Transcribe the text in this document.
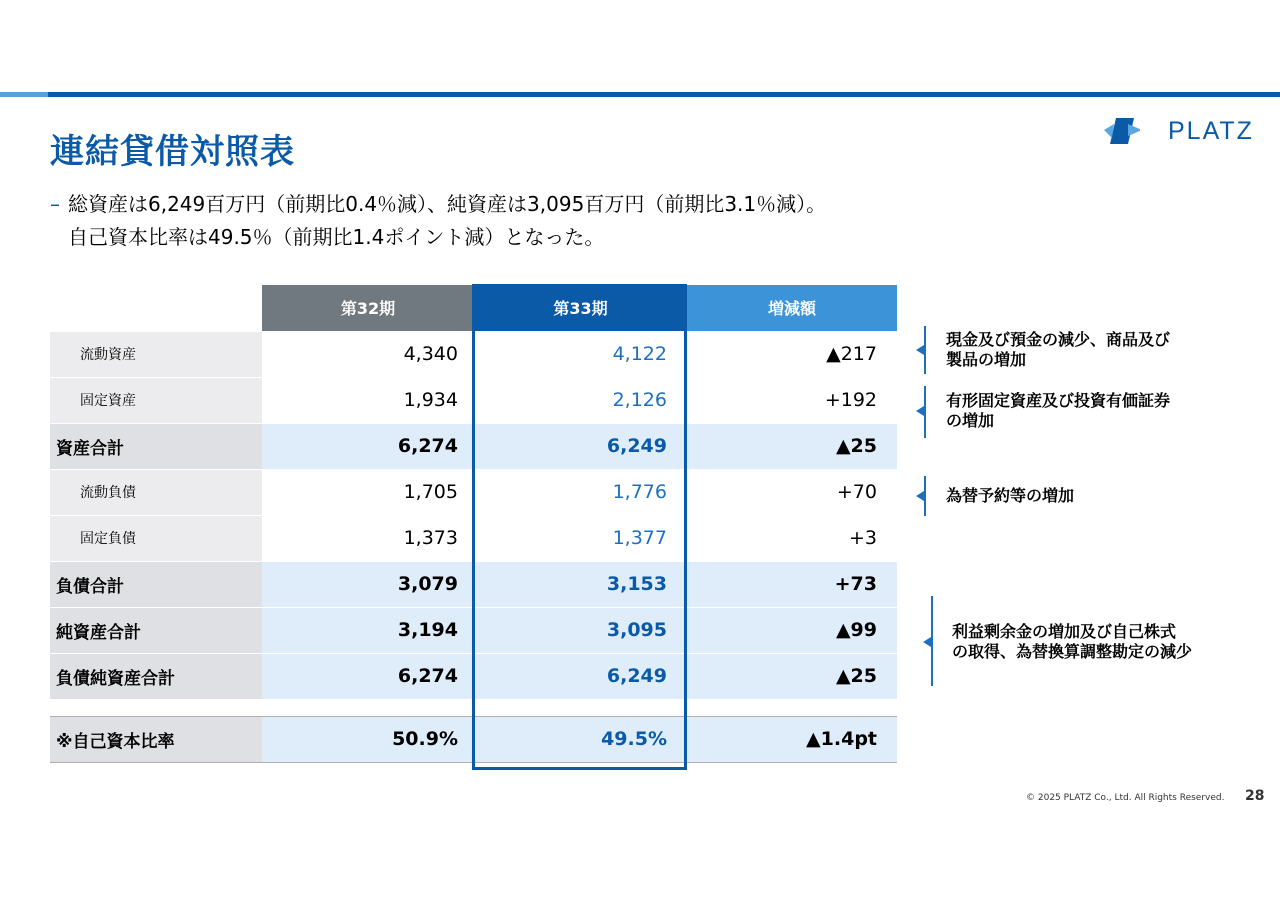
連結貸借対照表
PLATZ
– 総資産は6,249百万円（前期比0.4％減）、純資産は3,095百万円（前期比3.1％減）。
自己資本比率は49.5％（前期比1.4ポイント減）となった。
	第32期	第33期	増減額
流動資産	4,340	4,122	▲217
固定資産	1,934	2,126	+192
資産合計	6,274	6,249	▲25
流動負債	1,705	1,776	+70
固定負債	1,373	1,377	+3
負債合計	3,079	3,153	+73
純資産合計	3,194	3,095	▲99
負債純資産合計	6,274	6,249	▲25

※自己資本比率	50.9%	49.5%	▲1.4pt
現金及び預金の減少、商品及び
製品の増加
有形固定資産及び投資有価証券
の増加
為替予約等の増加
利益剰余金の増加及び自己株式
の取得、為替換算調整勘定の減少
© 2025 PLATZ Co., Ltd. All Rights Reserved. 28
